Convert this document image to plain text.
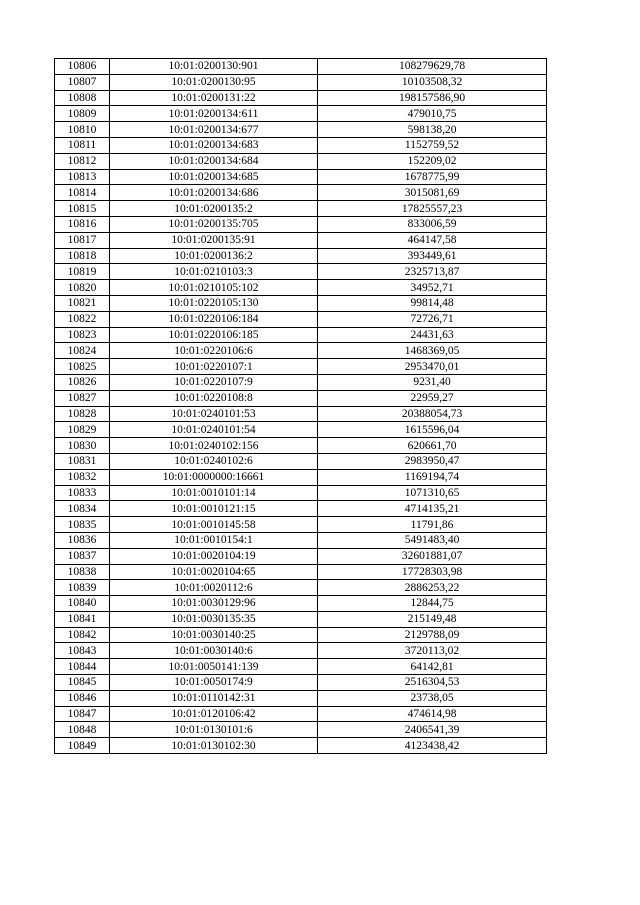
10806	10:01:0200130:901	108279629,78
10807	10:01:0200130:95	10103508,32
10808	10:01:0200131:22	198157586,90
10809	10:01:0200134:611	479010,75
10810	10:01:0200134:677	598138,20
10811	10:01:0200134:683	1152759,52
10812	10:01:0200134:684	152209,02
10813	10:01:0200134:685	1678775,99
10814	10:01:0200134:686	3015081,69
10815	10:01:0200135:2	17825557,23
10816	10:01:0200135:705	833006,59
10817	10:01:0200135:91	464147,58
10818	10:01:0200136:2	393449,61
10819	10:01:0210103:3	2325713,87
10820	10:01:0210105:102	34952,71
10821	10:01:0220105:130	99814,48
10822	10:01:0220106:184	72726,71
10823	10:01:0220106:185	24431,63
10824	10:01:0220106:6	1468369,05
10825	10:01:0220107:1	2953470,01
10826	10:01:0220107:9	9231,40
10827	10:01:0220108:8	22959,27
10828	10:01:0240101:53	20388054,73
10829	10:01:0240101:54	1615596,04
10830	10:01:0240102:156	620661,70
10831	10:01:0240102:6	2983950,47
10832	10:01:0000000:16661	1169194,74
10833	10:01:0010101:14	1071310,65
10834	10:01:0010121:15	4714135,21
10835	10:01:0010145:58	11791,86
10836	10:01:0010154:1	5491483,40
10837	10:01:0020104:19	32601881,07
10838	10:01:0020104:65	17728303,98
10839	10:01:0020112:6	2886253,22
10840	10:01:0030129:96	12844,75
10841	10:01:0030135:35	215149,48
10842	10:01:0030140:25	2129788,09
10843	10:01:0030140:6	3720113,02
10844	10:01:0050141:139	64142,81
10845	10:01:0050174:9	2516304,53
10846	10:01:0110142:31	23738,05
10847	10:01:0120106:42	474614,98
10848	10:01:0130101:6	2406541,39
10849	10:01:0130102:30	4123438,42
